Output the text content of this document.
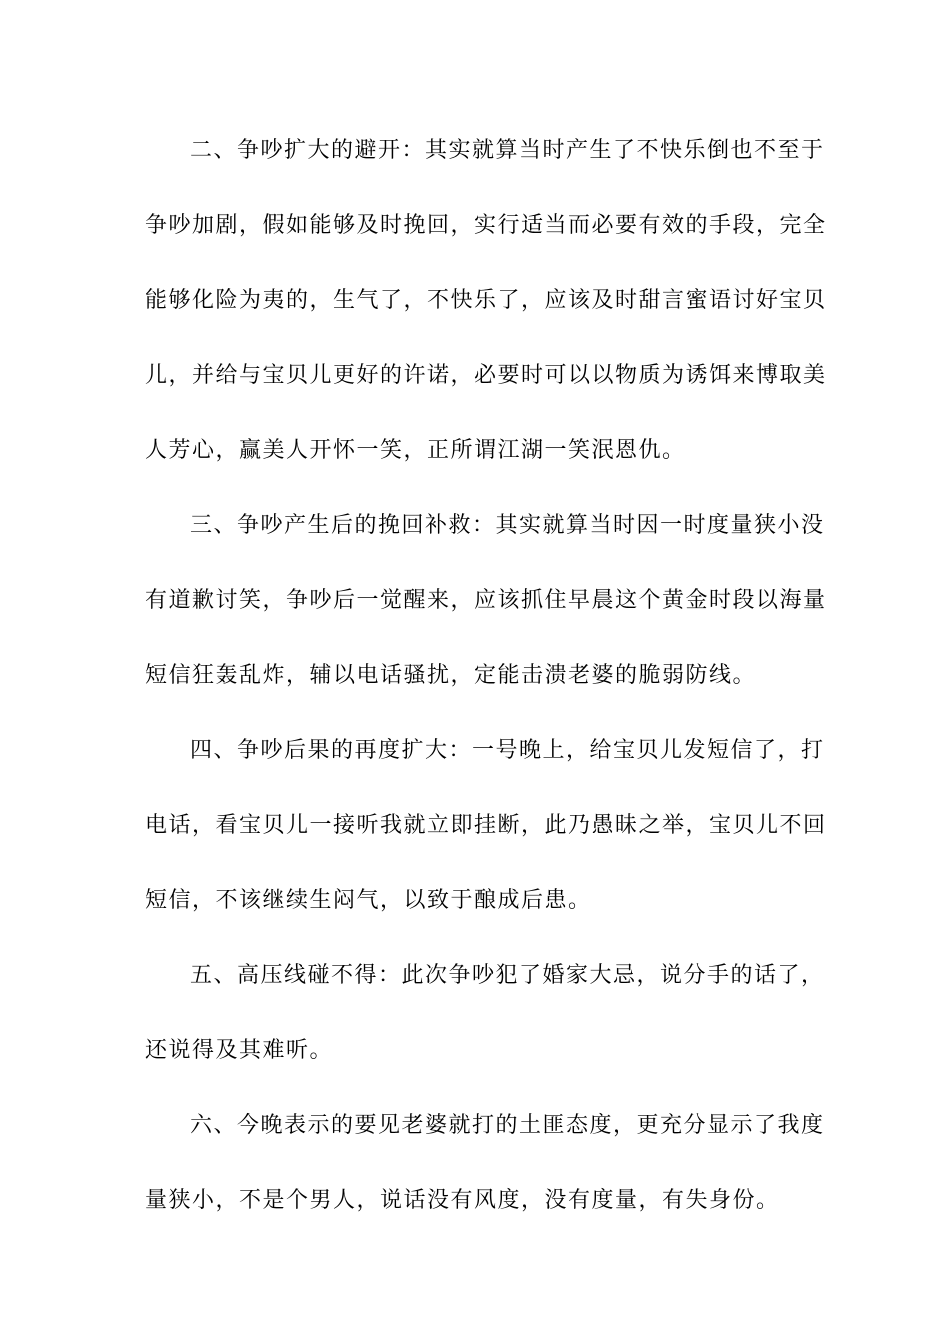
二、争吵扩大的避开：其实就算当时产生了不快乐倒也不至于
争吵加剧，假如能够及时挽回，实行适当而必要有效的手段，完全
能够化险为夷的，生气了，不快乐了，应该及时甜言蜜语讨好宝贝
儿，并给与宝贝儿更好的许诺，必要时可以以物质为诱饵来博取美
人芳心，赢美人开怀一笑，正所谓江湖一笑泯恩仇。
三、争吵产生后的挽回补救：其实就算当时因一时度量狭小没
有道歉讨笑，争吵后一觉醒来，应该抓住早晨这个黄金时段以海量
短信狂轰乱炸，辅以电话骚扰，定能击溃老婆的脆弱防线。
四、争吵后果的再度扩大：一号晚上，给宝贝儿发短信了，打
电话，看宝贝儿一接听我就立即挂断，此乃愚昧之举，宝贝儿不回
短信，不该继续生闷气，以致于酿成后患。
五、高压线碰不得：此次争吵犯了婚家大忌，说分手的话了，
还说得及其难听。
六、今晚表示的要见老婆就打的土匪态度，更充分显示了我度
量狭小，不是个男人，说话没有风度，没有度量，有失身份。
